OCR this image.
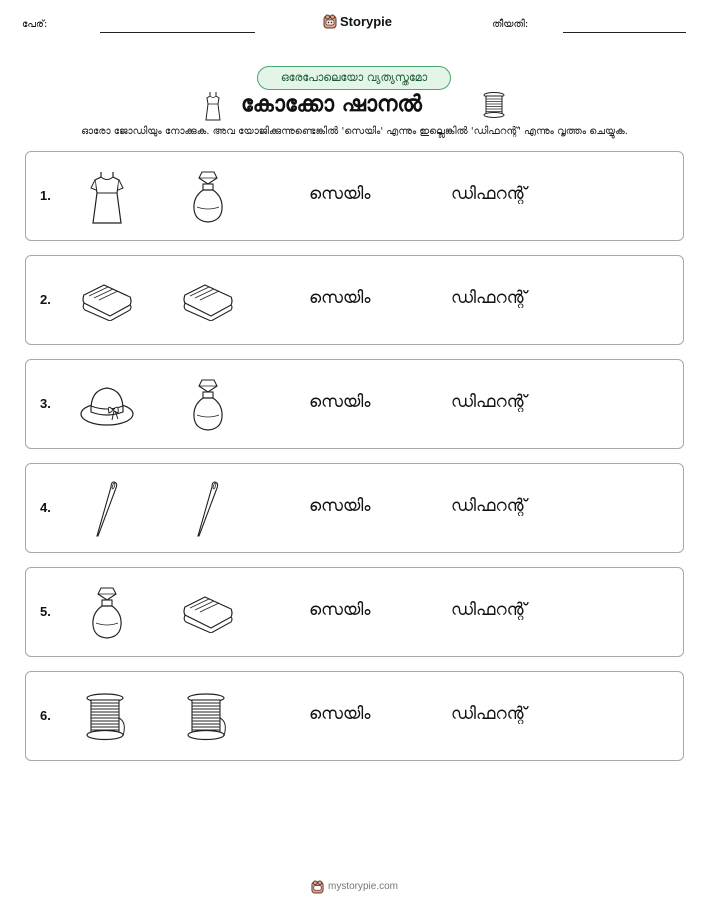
പേര്:	Storypie	തീയതി:
ഒരേപോലെയോ വ്യത്യസ്തമോ
കോക്കോ ഷാനൽ
ഓരോ ജോഡിയും നോക്കുക. അവ യോജിക്കുന്നുണ്ടെങ്കിൽ 'സെയിം' എന്നും ഇല്ലെങ്കിൽ 'ഡിഫറന്റ്' എന്നും വൃത്തം ചെയ്യുക.
1.	സെയിം	ഡിഫറന്റ്
2.	സെയിം	ഡിഫറന്റ്
3.	സെയിം	ഡിഫറന്റ്
4.	സെയിം	ഡിഫറന്റ്
5.	സെയിം	ഡിഫറന്റ്
6.	സെയിം	ഡിഫറന്റ്
mystorypie.com
